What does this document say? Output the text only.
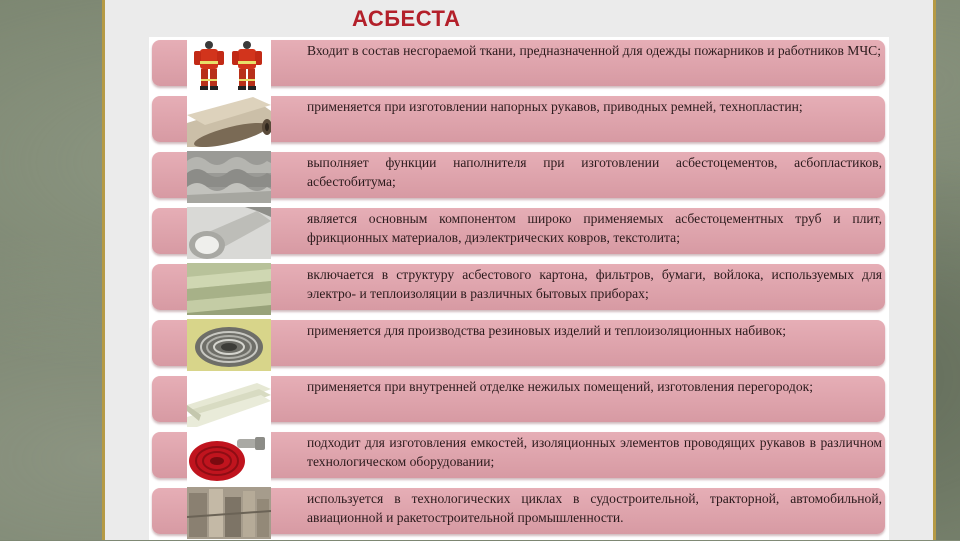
АСБЕСТА
Входит в состав несгораемой ткани, предназначенной для одежды пожарников и работников МЧС;
применяется при изготовлении напорных рукавов, приводных ремней, технопластин;
выполняет функции наполнителя при изготовлении асбестоцементов, асбопластиков, асбестобитума;
является основным компонентом широко применяемых асбестоцементных труб и плит, фрикционных материалов, диэлектрических ковров, текстолита;
включается в структуру асбестового картона, фильтров, бумаги, войлока, используемых для электро- и теплоизоляции в различных бытовых приборах;
применяется для производства резиновых изделий и теплоизоляционных набивок;
применяется при внутренней отделке нежилых помещений, изготовления перегородок;
подходит для изготовления емкостей, изоляционных элементов проводящих рукавов в различном технологическом оборудовании;
используется в технологических циклах в судостроительной, тракторной, автомобильной, авиационной и ракетостроительной промышленности.
